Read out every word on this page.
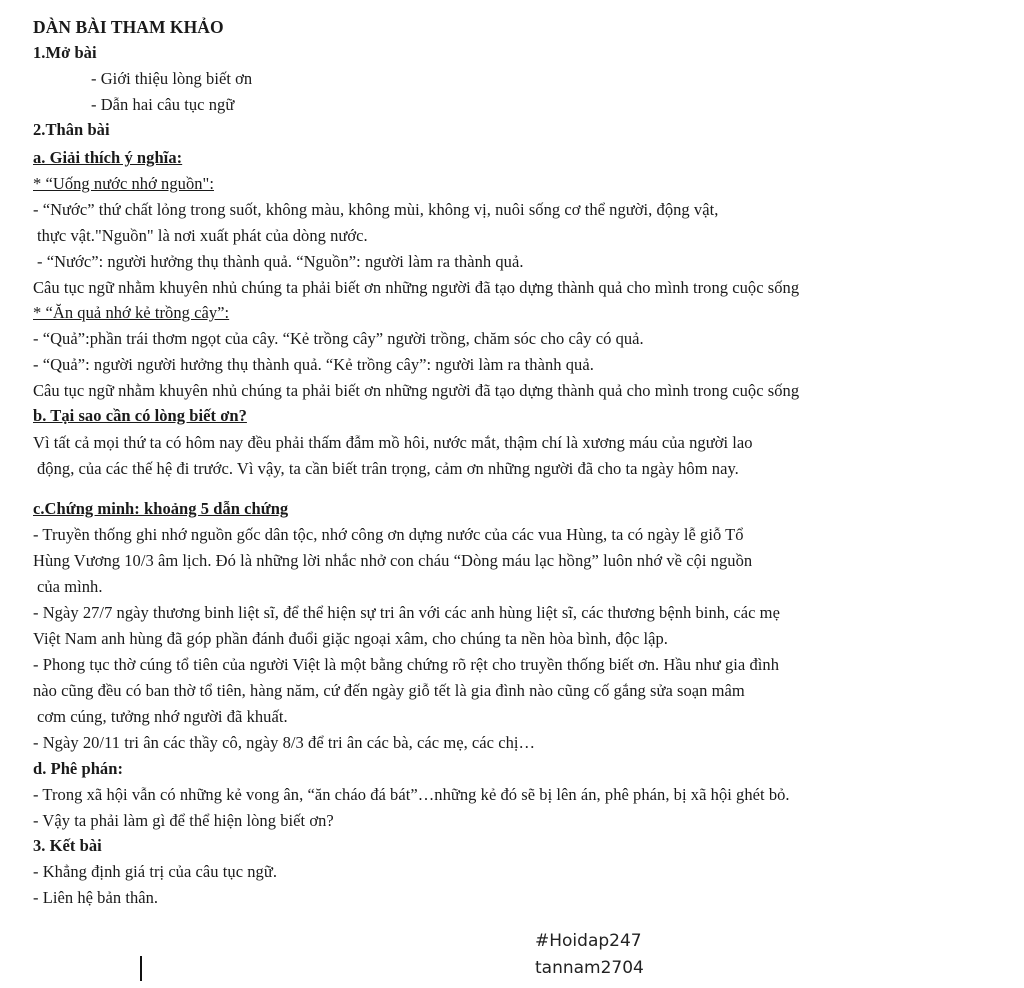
DÀN BÀI THAM KHẢO
1.Mở bài
- Giới thiệu lòng biết ơn
- Dẫn hai câu tục ngữ
2.Thân bài
a. Giải thích ý nghĩa:
* “Uống nước nhớ nguồn":
- “Nước” thứ chất lỏng trong suốt, không màu, không mùi, không vị, nuôi sống cơ thể người, động vật,
thực vật."Nguồn" là nơi xuất phát của dòng nước.
- “Nước”: người hưởng thụ thành quả. “Nguồn”: người làm ra thành quả.
Câu tục ngữ nhằm khuyên nhủ chúng ta phải biết ơn những người đã tạo dựng thành quả cho mình trong cuộc sống
* “Ăn quả nhớ kẻ trồng cây”:
- “Quả”:phần trái thơm ngọt của cây. “Kẻ trồng cây” người trồng, chăm sóc cho cây có quả.
- “Quả”: người người hưởng thụ thành quả. “Kẻ trồng cây”: người làm ra thành quả.
Câu tục ngữ nhằm khuyên nhủ chúng ta phải biết ơn những người đã tạo dựng thành quả cho mình trong cuộc sống
b. Tại sao cần có lòng biết ơn?
Vì tất cả mọi thứ ta có hôm nay đều phải thấm đẫm mồ hôi, nước mắt, thậm chí là xương máu của người lao
động, của các thế hệ đi trước. Vì vậy, ta cần biết trân trọng, cảm ơn những người đã cho ta ngày hôm nay.
c.Chứng minh: khoảng 5 dẫn chứng
- Truyền thống ghi nhớ nguồn gốc dân tộc, nhớ công ơn dựng nước của các vua Hùng, ta có ngày lễ giỗ Tổ
Hùng Vương 10/3 âm lịch. Đó là những lời nhắc nhở con cháu “Dòng máu lạc hồng” luôn nhớ về cội nguồn
của mình.
- Ngày 27/7 ngày thương binh liệt sĩ, để thể hiện sự tri ân với các anh hùng liệt sĩ, các thương bệnh binh, các mẹ
Việt Nam anh hùng đã góp phần đánh đuổi giặc ngoại xâm, cho chúng ta nền hòa bình, độc lập.
- Phong tục thờ cúng tổ tiên của người Việt là một bằng chứng rõ rệt cho truyền thống biết ơn. Hầu như gia đình
nào cũng đều có ban thờ tổ tiên, hàng năm, cứ đến ngày giỗ tết là gia đình nào cũng cố gắng sửa soạn mâm
cơm cúng, tưởng nhớ người đã khuất.
- Ngày 20/11 tri ân các thầy cô, ngày 8/3 để tri ân các bà, các mẹ, các chị…
d. Phê phán:
- Trong xã hội vẫn có những kẻ vong ân, “ăn cháo đá bát”…những kẻ đó sẽ bị lên án, phê phán, bị xã hội ghét bỏ.
- Vậy ta phải làm gì để thể hiện lòng biết ơn?
3. Kết bài
- Khẳng định giá trị của câu tục ngữ.
- Liên hệ bản thân.
#Hoidap247
tannam2704
